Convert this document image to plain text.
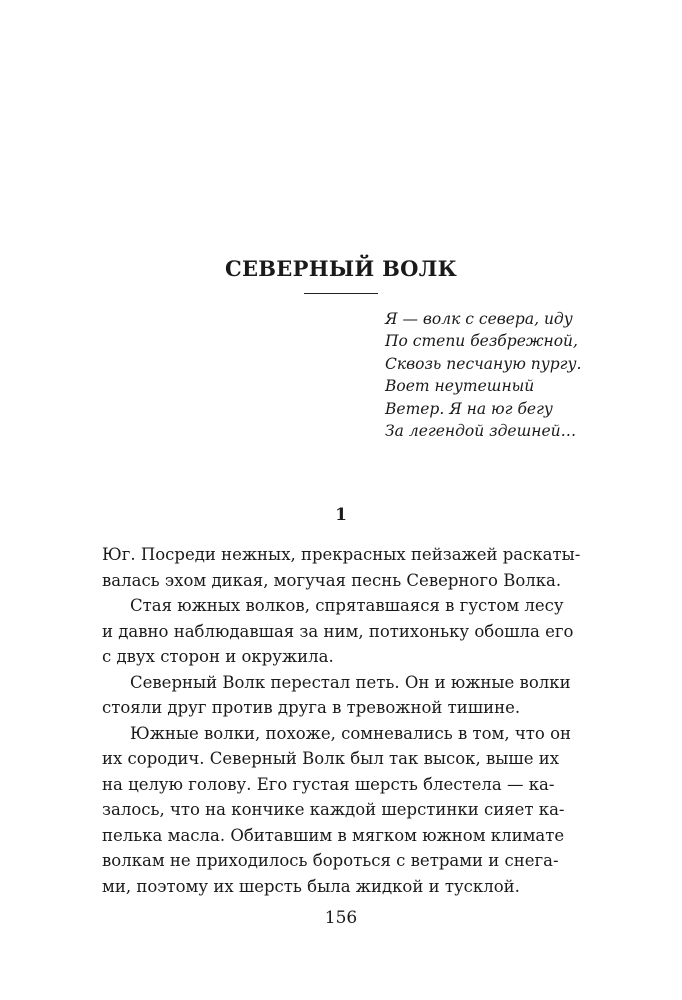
СЕВЕРНЫЙ ВОЛК
Я — волк с севера, иду
По степи безбрежной,
Сквозь песчаную пургу.
Воет неутешный
Ветер. Я на юг бегу
За легендой здешней…
1
Юг. Посреди нежных, прекрасных пейзажей раскаты-
валась эхом дикая, могучая песнь Северного Волка.
Стая южных волков, спрятавшаяся в густом лесу
и давно наблюдавшая за ним, потихоньку обошла его
с двух сторон и окружила.
Северный Волк перестал петь. Он и южные волки
стояли друг против друга в тревожной тишине.
Южные волки, похоже, сомневались в том, что он
их сородич. Северный Волк был так высок, выше их
на целую голову. Его густая шерсть блестела — ка-
залось, что на кончике каждой шерстинки сияет ка-
пелька масла. Обитавшим в мягком южном климате
волкам не приходилось бороться с ветрами и снега-
ми, поэтому их шерсть была жидкой и тусклой.
156
